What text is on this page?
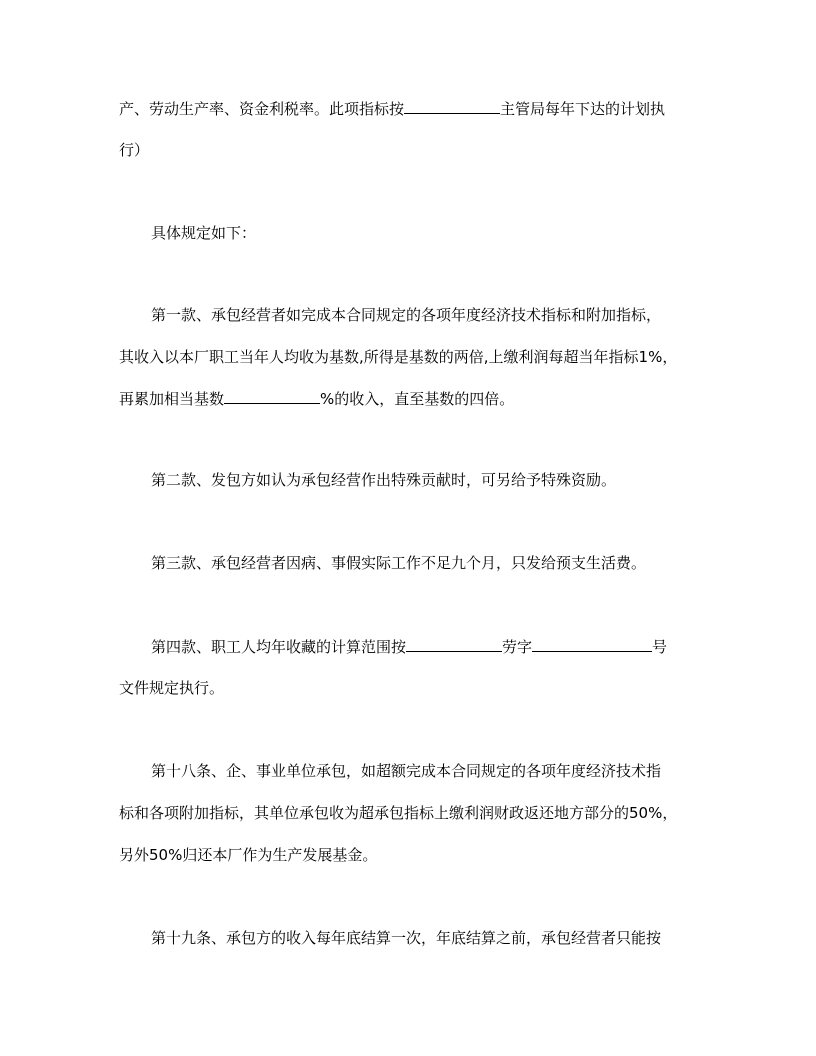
产、劳动生产率、资金利税率。此项指标按	主管局每年下达的计划执
行）
具体规定如下：
第一款、承包经营者如完成本合同规定的各项年度经济技术指标和附加指标，
其收入以本厂职工当年人均收为基数,所得是基数的两倍,上缴利润每超当年指标1%，
再累加相当基数	%的收入，直至基数的四倍。
第二款、发包方如认为承包经营作出特殊贡献时，可另给予特殊资励。
第三款、承包经营者因病、事假实际工作不足九个月，只发给预支生活费。
第四款、职工人均年收藏的计算范围按	劳字	号
文件规定执行。
第十八条、企、事业单位承包，如超额完成本合同规定的各项年度经济技术指
标和各项附加指标，其单位承包收为超承包指标上缴利润财政返还地方部分的50%，
另外50%归还本厂作为生产发展基金。
第十九条、承包方的收入每年底结算一次，年底结算之前，承包经营者只能按
